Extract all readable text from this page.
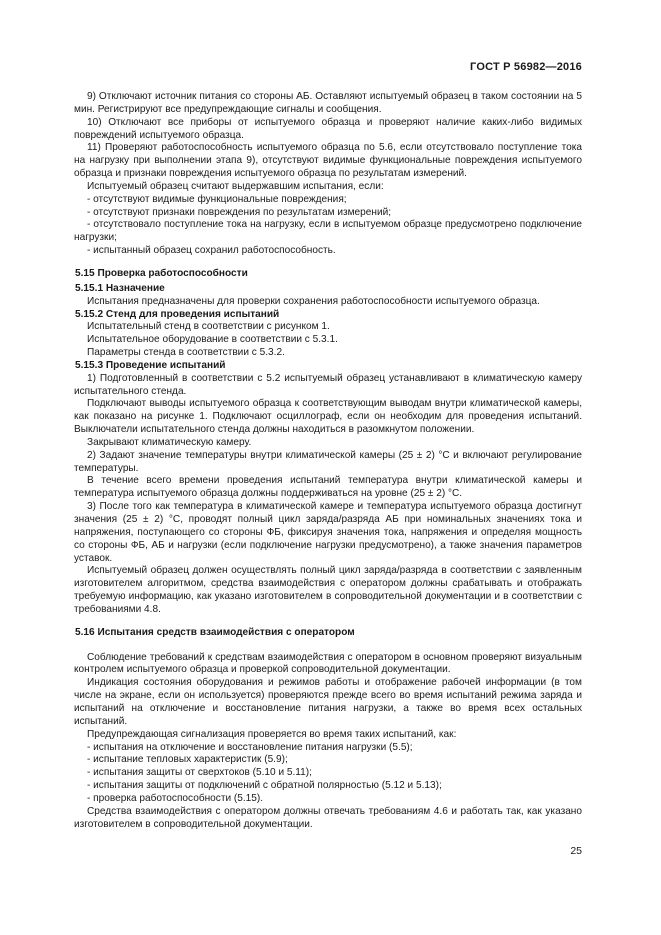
ГОСТ Р 56982—2016

9) Отключают источник питания со стороны АБ. Оставляют испытуемый образец в таком состоянии на 5 мин. Регистрируют все предупреждающие сигналы и сообщения.

10) Отключают все приборы от испытуемого образца и проверяют наличие каких-либо видимых повреждений испытуемого образца.

11) Проверяют работоспособность испытуемого образца по 5.6, если отсутствовало поступление тока на нагрузку при выполнении этапа 9), отсутствуют видимые функциональные повреждения испытуемого образца и признаки повреждения испытуемого образца по результатам измерений.

Испытуемый образец считают выдержавшим испытания, если:

- отсутствуют видимые функциональные повреждения;

- отсутствуют признаки повреждения по результатам измерений;

- отсутствовало поступление тока на нагрузку, если в испытуемом образце предусмотрено подключение нагрузки;

- испытанный образец сохранил работоспособность.

5.15 Проверка работоспособности

5.15.1 Назначение

Испытания предназначены для проверки сохранения работоспособности испытуемого образца.

5.15.2 Стенд для проведения испытаний

Испытательный стенд в соответствии с рисунком 1.

Испытательное оборудование в соответствии с 5.3.1.

Параметры стенда в соответствии с 5.3.2.

5.15.3 Проведение испытаний

1) Подготовленный в соответствии с 5.2 испытуемый образец устанавливают в климатическую камеру испытательного стенда.

Подключают выводы испытуемого образца к соответствующим выводам внутри климатической камеры, как показано на рисунке 1. Подключают осциллограф, если он необходим для проведения испытаний. Выключатели испытательного стенда должны находиться в разомкнутом положении.

Закрывают климатическую камеру.

2) Задают значение температуры внутри климатической камеры (25 ± 2) °С и включают регулирование температуры.

В течение всего времени проведения испытаний температура внутри климатической камеры и температура испытуемого образца должны поддерживаться на уровне (25 ± 2) °С.

3) После того как температура в климатической камере и температура испытуемого образца достигнут значения (25 ± 2) °С, проводят полный цикл заряда/разряда АБ при номинальных значениях тока и напряжения, поступающего со стороны ФБ, фиксируя значения тока, напряжения и определяя мощность со стороны ФБ, АБ и нагрузки (если подключение нагрузки предусмотрено), а также значения параметров уставок.

Испытуемый образец должен осуществлять полный цикл заряда/разряда в соответствии с заявленным изготовителем алгоритмом, средства взаимодействия с оператором должны срабатывать и отображать требуемую информацию, как указано изготовителем в сопроводительной документации и в соответствии с требованиями 4.8.

5.16 Испытания средств взаимодействия с оператором

Соблюдение требований к средствам взаимодействия с оператором в основном проверяют визуальным контролем испытуемого образца и проверкой сопроводительной документации.

Индикация состояния оборудования и режимов работы и отображение рабочей информации (в том числе на экране, если он используется) проверяются прежде всего во время испытаний режима заряда и испытаний на отключение и восстановление питания нагрузки, а также во время всех остальных испытаний.

Предупреждающая сигнализация проверяется во время таких испытаний, как:

- испытания на отключение и восстановление питания нагрузки (5.5);

- испытание тепловых характеристик (5.9);

- испытания защиты от сверхтоков (5.10 и 5.11);

- испытания защиты от подключений с обратной полярностью (5.12 и 5.13);

- проверка работоспособности (5.15).

Средства взаимодействия с оператором должны отвечать требованиям 4.6 и работать так, как указано изготовителем в сопроводительной документации.

25
